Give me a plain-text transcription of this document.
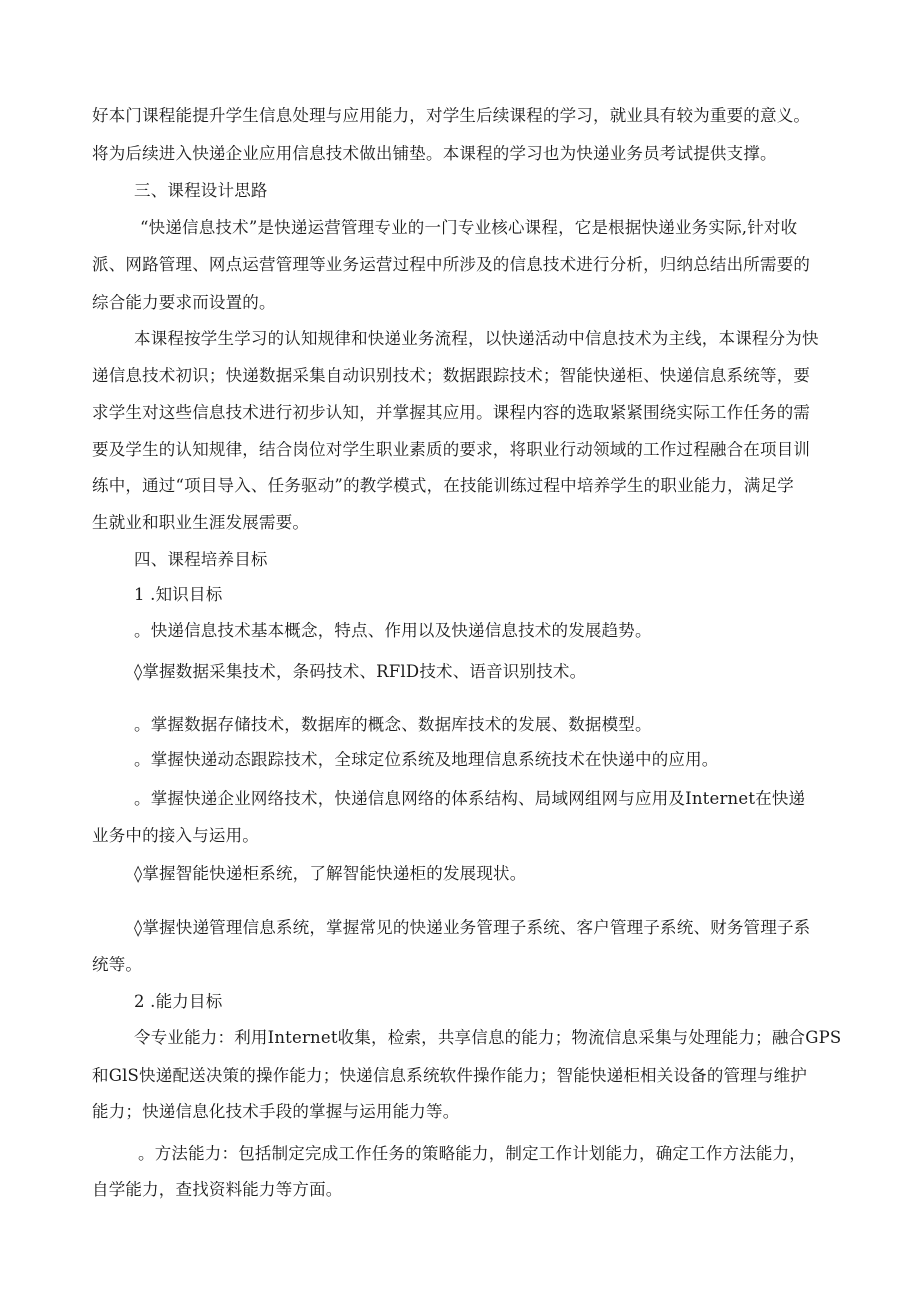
好本门课程能提升学生信息处理与应用能力，对学生后续课程的学习，就业具有较为重要的意义。
将为后续进入快递企业应用信息技术做出铺垫。本课程的学习也为快递业务员考试提供支撑。
三、课程设计思路
“快递信息技术”是快递运营管理专业的一门专业核心课程，它是根据快递业务实际,针对收
派、网路管理、网点运营管理等业务运营过程中所涉及的信息技术进行分析，归纳总结出所需要的
综合能力要求而设置的。
本课程按学生学习的认知规律和快递业务流程，以快递活动中信息技术为主线，本课程分为快
递信息技术初识；快递数据采集自动识别技术；数据跟踪技术；智能快递柜、快递信息系统等，要
求学生对这些信息技术进行初步认知，并掌握其应用。课程内容的选取紧紧围绕实际工作任务的需
要及学生的认知规律，结合岗位对学生职业素质的要求，将职业行动领域的工作过程融合在项目训
练中，通过“项目导入、任务驱动”的教学模式，在技能训练过程中培养学生的职业能力，满足学
生就业和职业生涯发展需要。
四、课程培养目标
1 .知识目标
。快递信息技术基本概念，特点、作用以及快递信息技术的发展趋势。
◊掌握数据采集技术，条码技术、RFlD技术、语音识别技术。
。掌握数据存储技术，数据库的概念、数据库技术的发展、数据模型。
。掌握快递动态跟踪技术，全球定位系统及地理信息系统技术在快递中的应用。
。掌握快递企业网络技术，快递信息网络的体系结构、局域网组网与应用及Internet在快递
业务中的接入与运用。
◊掌握智能快递柜系统，了解智能快递柜的发展现状。
◊掌握快递管理信息系统，掌握常见的快递业务管理子系统、客户管理子系统、财务管理子系
统等。
2 .能力目标
令专业能力：利用Internet收集，检索，共享信息的能力；物流信息采集与处理能力；融合GPS
和GlS快递配送决策的操作能力；快递信息系统软件操作能力；智能快递柜相关设备的管理与维护
能力；快递信息化技术手段的掌握与运用能力等。
。方法能力：包括制定完成工作任务的策略能力，制定工作计划能力，确定工作方法能力，
自学能力，查找资料能力等方面。
